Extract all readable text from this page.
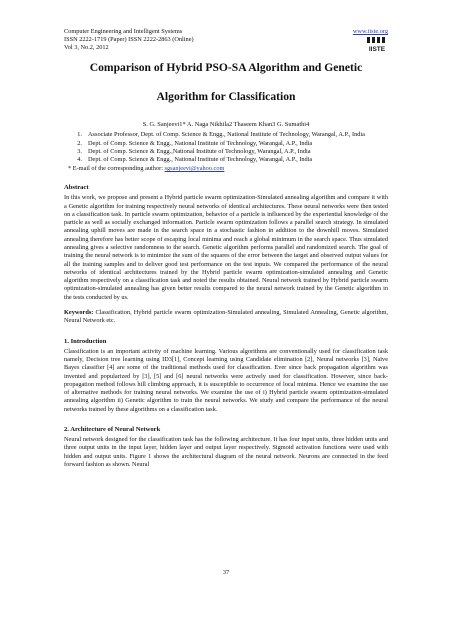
Computer Engineering and Intelligent Systems
ISSN 2222-1719 (Paper) ISSN 2222-2863 (Online)
Vol 3, No.2, 2012
www.iiste.org
IISTE
Comparison of Hybrid PSO-SA Algorithm and Genetic
Algorithm for Classification
S. G. Sanjeevi1* A. Naga Nikhila2 Thaseem Khan3 G. Sumathi4
1. Associate Professor, Dept. of Comp. Science & Engg., National Institute of Technology, Warangal, A.P., India
2. Dept. of Comp. Science & Engg., National Institute of Technology, Warangal, A.P., India
3. Dept. of Comp. Science & Engg.,National Institute of Technology, Warangal, A.P., India
4. Dept. of Comp. Science & Engg., National Institute of Technology, Warangal, A.P., India
* E-mail of the corresponding author: sgsanjeevi@yahoo.com
Abstract

In this work, we propose and present a Hybrid particle swarm optimization-Simulated annealing algorithm and compare it with a Genetic algorithm for training respectively neural networks of identical architectures. These neural networks were then tested on a classification task. In particle swarm optimization, behavior of a particle is influenced by the experiential knowledge of the particle as well as socially exchanged information. Particle swarm optimization follows a parallel search strategy. In simulated annealing uphill moves are made in the search space in a stochastic fashion in addition to the downhill moves. Simulated annealing therefore has better scope of escaping local minima and reach a global minimum in the search space. Thus simulated annealing gives a selective randomness to the search. Genetic algorithm performs parallel and randomized search. The goal of training the neural network is to minimize the sum of the squares of the error between the target and observed output values for all the training samples and to deliver good test performance on the test inputs. We compared the performance of the neural networks of identical architectures trained by the Hybrid particle swarm optimization-simulated annealing and Genetic algorithm respectively on a classification task and noted the results obtained. Neural network trained by Hybrid particle swarm optimization-simulated annealing has given better results compared to the neural network trained by the Genetic algorithm in the tests conducted by us.

Keywords: Classification, Hybrid particle swarm optimization-Simulated annealing, Simulated Annealing, Genetic algorithm, Neural Network etc.

1. Introduction

Classification is an important activity of machine learning. Various algorithms are conventionally used for classification task namely, Decision tree learning using ID3[1], Concept learning using Candidate elimination [2], Neural networks [3], Naïve Bayes classifier [4] are some of the traditional methods used for classification. Ever since back propagation algorithm was invented and popularized by [3], [5] and [6] neural networks were actively used for classification. However, since back-propagation method follows hill climbing approach, it is susceptible to occurrence of local minima. Hence we examine the use of alternative methods for training neural networks. We examine the use of i) Hybrid particle swarm optimization-simulated annealing algorithm ii) Genetic algorithm to train the neural networks. We study and compare the performance of the neural networks trained by these algorithms on a classification task.

2. Architecture of Neural Network

Neural network designed for the classification task has the following architecture. It has four input units, three hidden units and three output units in the input layer, hidden layer and output layer respectively. Sigmoid activation functions were used with hidden and output units. Figure 1 shows the architectural diagram of the neural network. Neurons are connected in the feed forward fashion as shown. Neural

37
